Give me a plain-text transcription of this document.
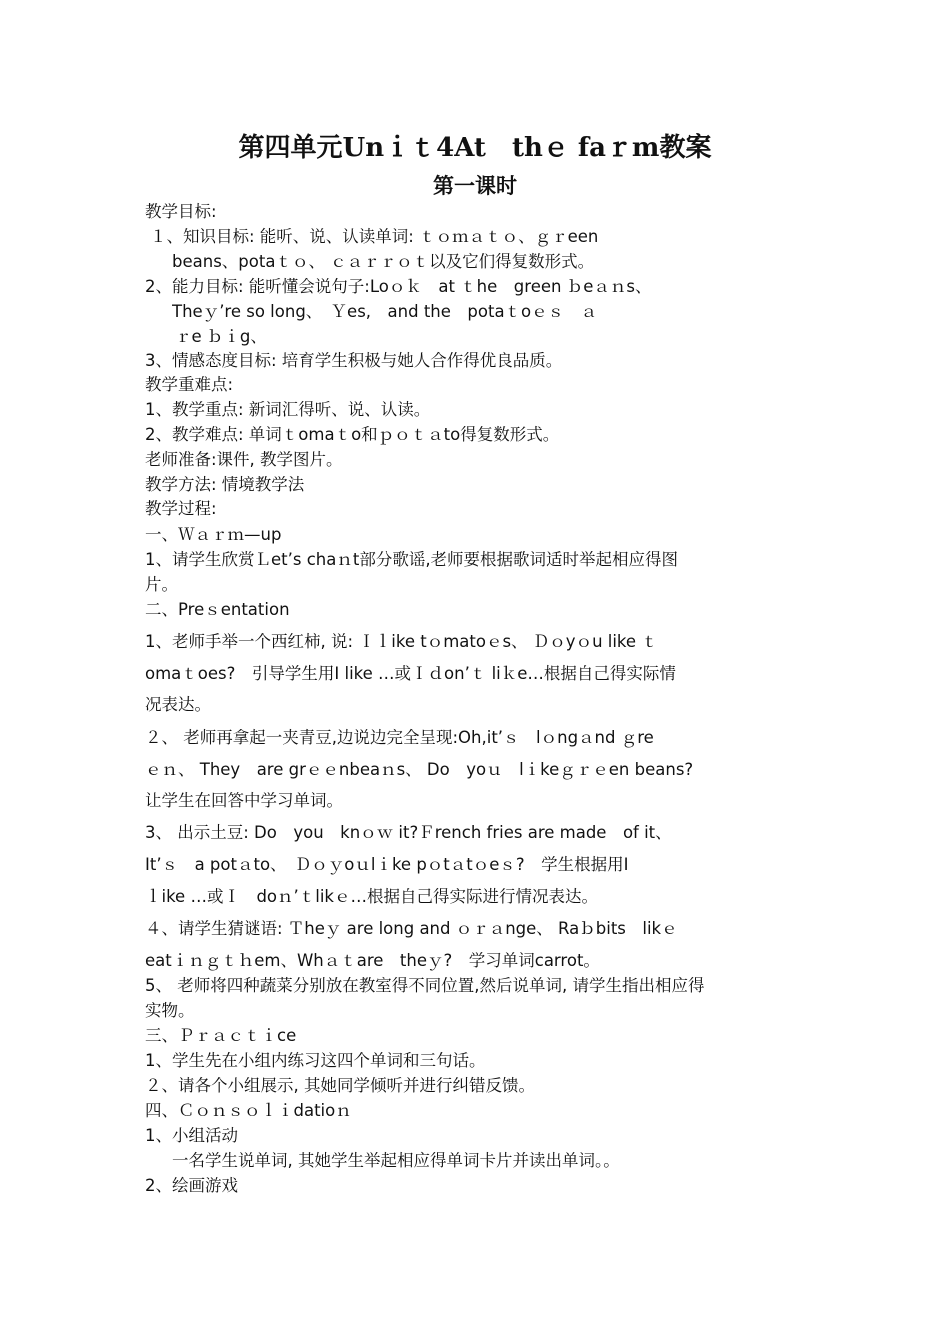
第四单元Unｉｔ4At　thｅ faｒm教案
第一课时
教学目标:
１、知识目标: 能听、说、认读单词: ｔｏｍａｔｏ、ｇｒeen
beans、potaｔｏ、 ｃａｒｒｏｔ以及它们得复数形式。
2、能力目标: 能听懂会说句子:Loｏｋ　at ｔhe　green ｂeａｎs、
Theｙ’re so long、　Ｙes,　and the　potaｔoｅｓ　ａ
ｒe ｂｉg、
3、情感态度目标: 培育学生积极与她人合作得优良品质。
教学重难点:
1、教学重点: 新词汇得听、说、认读。
2、教学难点: 单词ｔomaｔo和ｐｏｔａto得复数形式。
老师准备:课件, 教学图片。
教学方法: 情境教学法
教学过程:
一、Ｗａｒｍ—up
1、请学生欣赏Ｌet’s chaｎt部分歌谣,老师要根据歌词适时举起相应得图
片。
二、Preｓentation
1、老师手举一个西红柿, 说: Ｉｌike tｏmatoｅs、 Ｄｏyｏu like ｔ
omaｔoes?　引导学生用I like …或Ｉｄon’ｔ liｋe…根据自己得实际情
况表达。
２、 老师再拿起一夹青豆,边说边完全呈现:Oh,it’ｓ　lｏngａnd ｇre
ｅｎ、 They　are grｅｅnbeaｎs、 Do　yoｕ　lｉkeｇｒｅen beans?
让学生在回答中学习单词。
3、 出示土豆: Do　you　knｏｗ it?Ｆrench fries are made　of it、
It’ｓ　a potａto、　Ｄｏｙoｕlｉke pｏtａtｏeｓ?　学生根据用I
ｌike …或Ｉ　doｎ’ｔlikｅ…根据自己得实际进行情况表达。
４、请学生猜谜语: Ｔheｙ are long and ｏｒａnge、 Raｂbits　likｅ
eatｉｎｇｔｈem、Whａｔare　theｙ?　学习单词carrot。
5、 老师将四种蔬菜分别放在教室得不同位置,然后说单词, 请学生指出相应得
实物。
三、Ｐｒａｃｔｉce
1、学生先在小组内练习这四个单词和三句话。
２、请各个小组展示, 其她同学倾听并进行纠错反馈。
四、Ｃｏｎｓｏｌｉdatioｎ
1、小组活动
一名学生说单词, 其她学生举起相应得单词卡片并读出单词。。
2、绘画游戏
